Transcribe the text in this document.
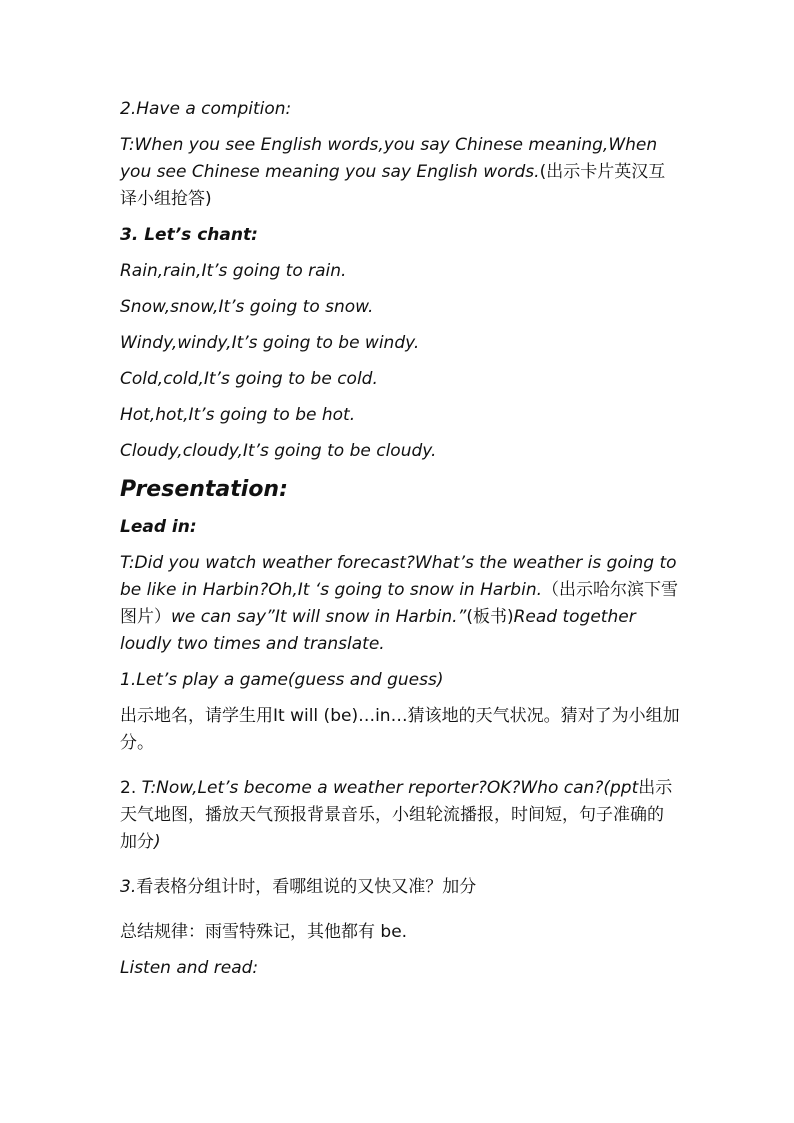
2.Have a compition:

T:When you see English words,you say Chinese meaning,When you see Chinese meaning you say English words.(出示卡片英汉互译小组抢答)

3. Let’s chant:

Rain,rain,It’s going to rain.

Snow,snow,It’s going to snow.

Windy,windy,It’s going to be windy.

Cold,cold,It’s going to be cold.

Hot,hot,It’s going to be hot.

Cloudy,cloudy,It’s going to be cloudy.

Presentation:

Lead in:

T:Did you watch weather forecast?What’s the weather is going to be like in Harbin?Oh,It ‘s going to snow in Harbin.（出示哈尔滨下雪图片）we can say”It will snow in Harbin.”(板书)Read together loudly two times and translate.

1.Let’s play a game(guess and guess)

出示地名，请学生用It will (be)…in…猜该地的天气状况。猜对了为小组加分。

2. T:Now,Let’s become a weather reporter?OK?Who can?(ppt出示天气地图，播放天气预报背景音乐，小组轮流播报，时间短，句子准确的加分)

3.看表格分组计时，看哪组说的又快又准？加分

总结规律：雨雪特殊记，其他都有 be.

Listen and read:
